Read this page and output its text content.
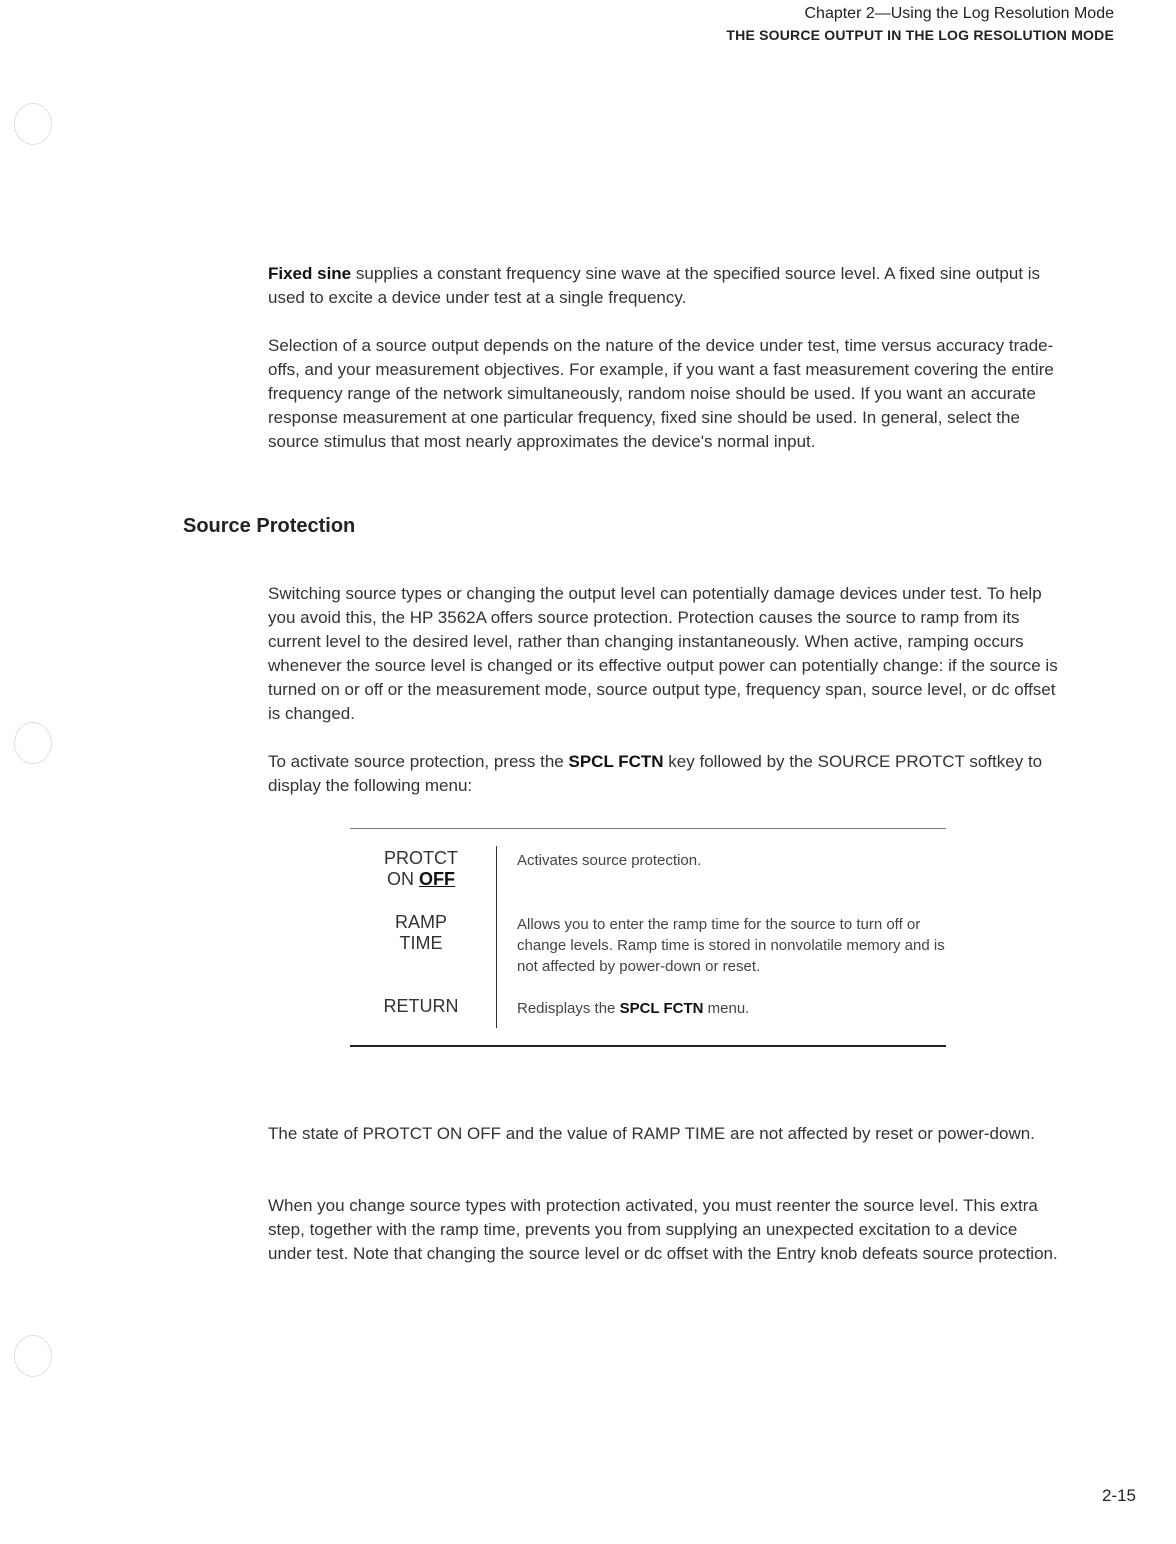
Chapter 2—Using the Log Resolution Mode
THE SOURCE OUTPUT IN THE LOG RESOLUTION MODE

Fixed sine supplies a constant frequency sine wave at the specified source level. A fixed sine output is used to excite a device under test at a single frequency.

Selection of a source output depends on the nature of the device under test, time versus accuracy trade-offs, and your measurement objectives. For example, if you want a fast measurement covering the entire frequency range of the network simultaneously, random noise should be used. If you want an accurate response measurement at one particular frequency, fixed sine should be used. In general, select the source stimulus that most nearly approximates the device's normal input.

Source Protection

Switching source types or changing the output level can potentially damage devices under test. To help you avoid this, the HP 3562A offers source protection. Protection causes the source to ramp from its current level to the desired level, rather than changing instantaneously. When active, ramping occurs whenever the source level is changed or its effective output power can potentially change: if the source is turned on or off or the measurement mode, source output type, frequency span, source level, or dc offset is changed.

To activate source protection, press the SPCL FCTN key followed by the SOURCE PROTCT softkey to display the following menu:

PROTCT
ON OFF
Activates source protection.
RAMP
TIME
Allows you to enter the ramp time for the source to turn off or change levels. Ramp time is stored in nonvolatile memory and is not affected by power-down or reset.
RETURN	Redisplays the SPCL FCTN menu.

The state of PROTCT ON OFF and the value of RAMP TIME are not affected by reset or power-down.

When you change source types with protection activated, you must reenter the source level. This extra step, together with the ramp time, prevents you from supplying an unexpected excitation to a device under test. Note that changing the source level or dc offset with the Entry knob defeats source protection.

2-15
